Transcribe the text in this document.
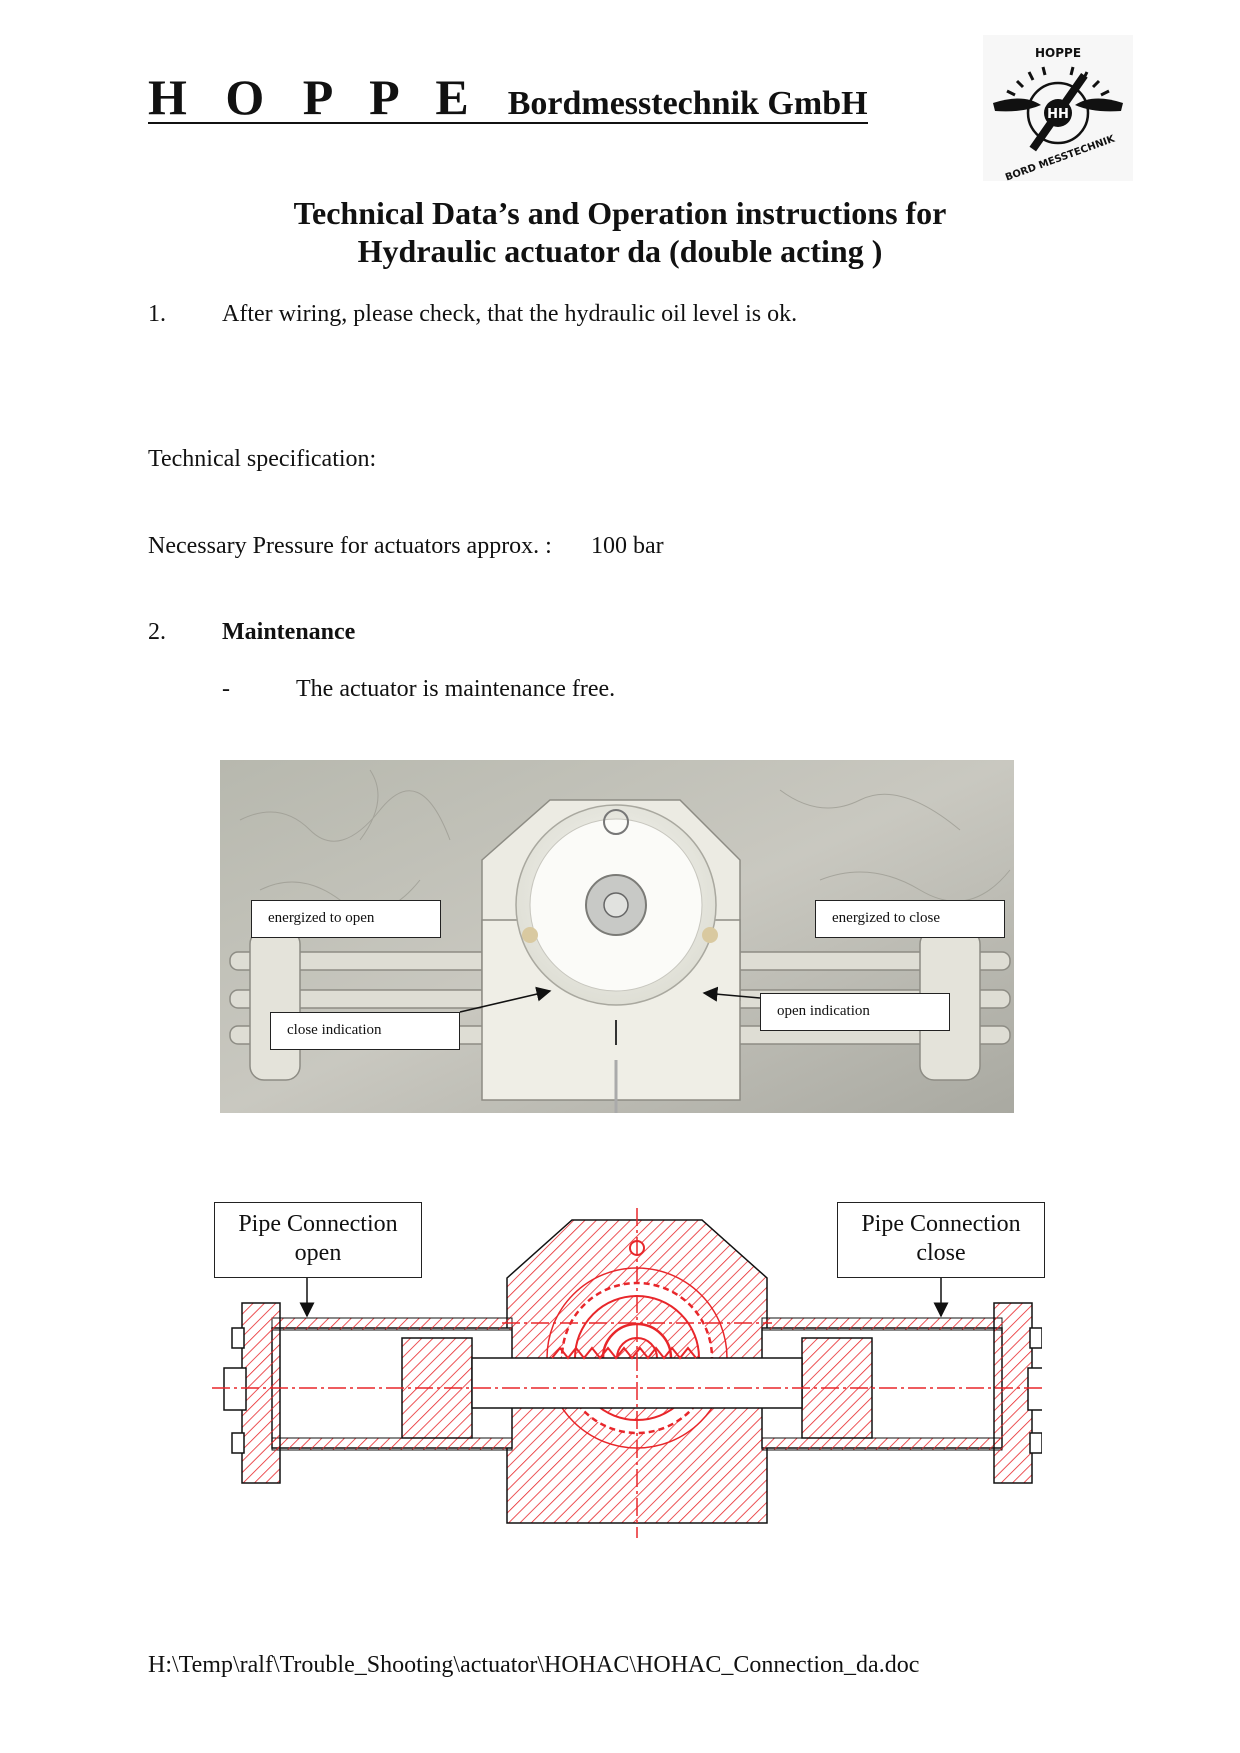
H O P P E Bordmesstechnik GmbH	HH
HOPPE
BORD MESSTECHNIK
Technical Data’s and Operation instructions for
Hydraulic actuator da (double acting )
1. After wiring, please check, that the hydraulic oil level is ok.
Technical specification:
Necessary Pressure for actuators approx. : 100 bar
2. Maintenance
-	The actuator is maintenance free.
energized to open	energized to close
close indication
open indication
Pipe Connection
open
Pipe Connection
close
H:\Temp\ralf\Trouble_Shooting\actuator\HOHAC\HOHAC_Connection_da.doc
